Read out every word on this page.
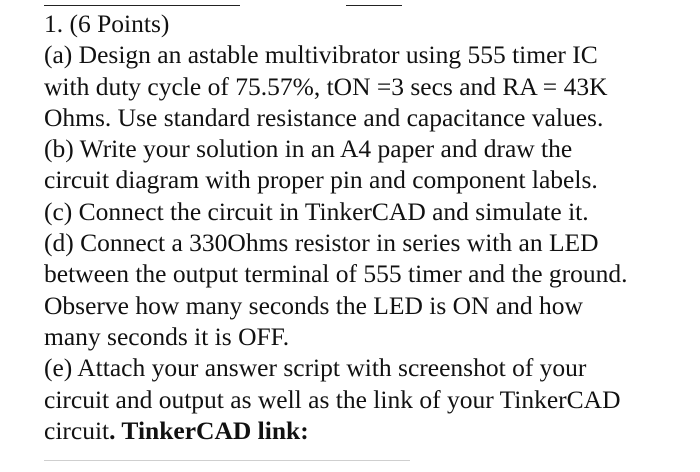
1. (6 Points)
(a) Design an astable multivibrator using 555 timer IC
with duty cycle of 75.57%, tON =3 secs and RA = 43K
Ohms. Use standard resistance and capacitance values.
(b) Write your solution in an A4 paper and draw the
circuit diagram with proper pin and component labels.
(c) Connect the circuit in TinkerCAD and simulate it.
(d) Connect a 330Ohms resistor in series with an LED
between the output terminal of 555 timer and the ground.
Observe how many seconds the LED is ON and how
many seconds it is OFF.
(e) Attach your answer script with screenshot of your
circuit and output as well as the link of your TinkerCAD
circuit. TinkerCAD link:
